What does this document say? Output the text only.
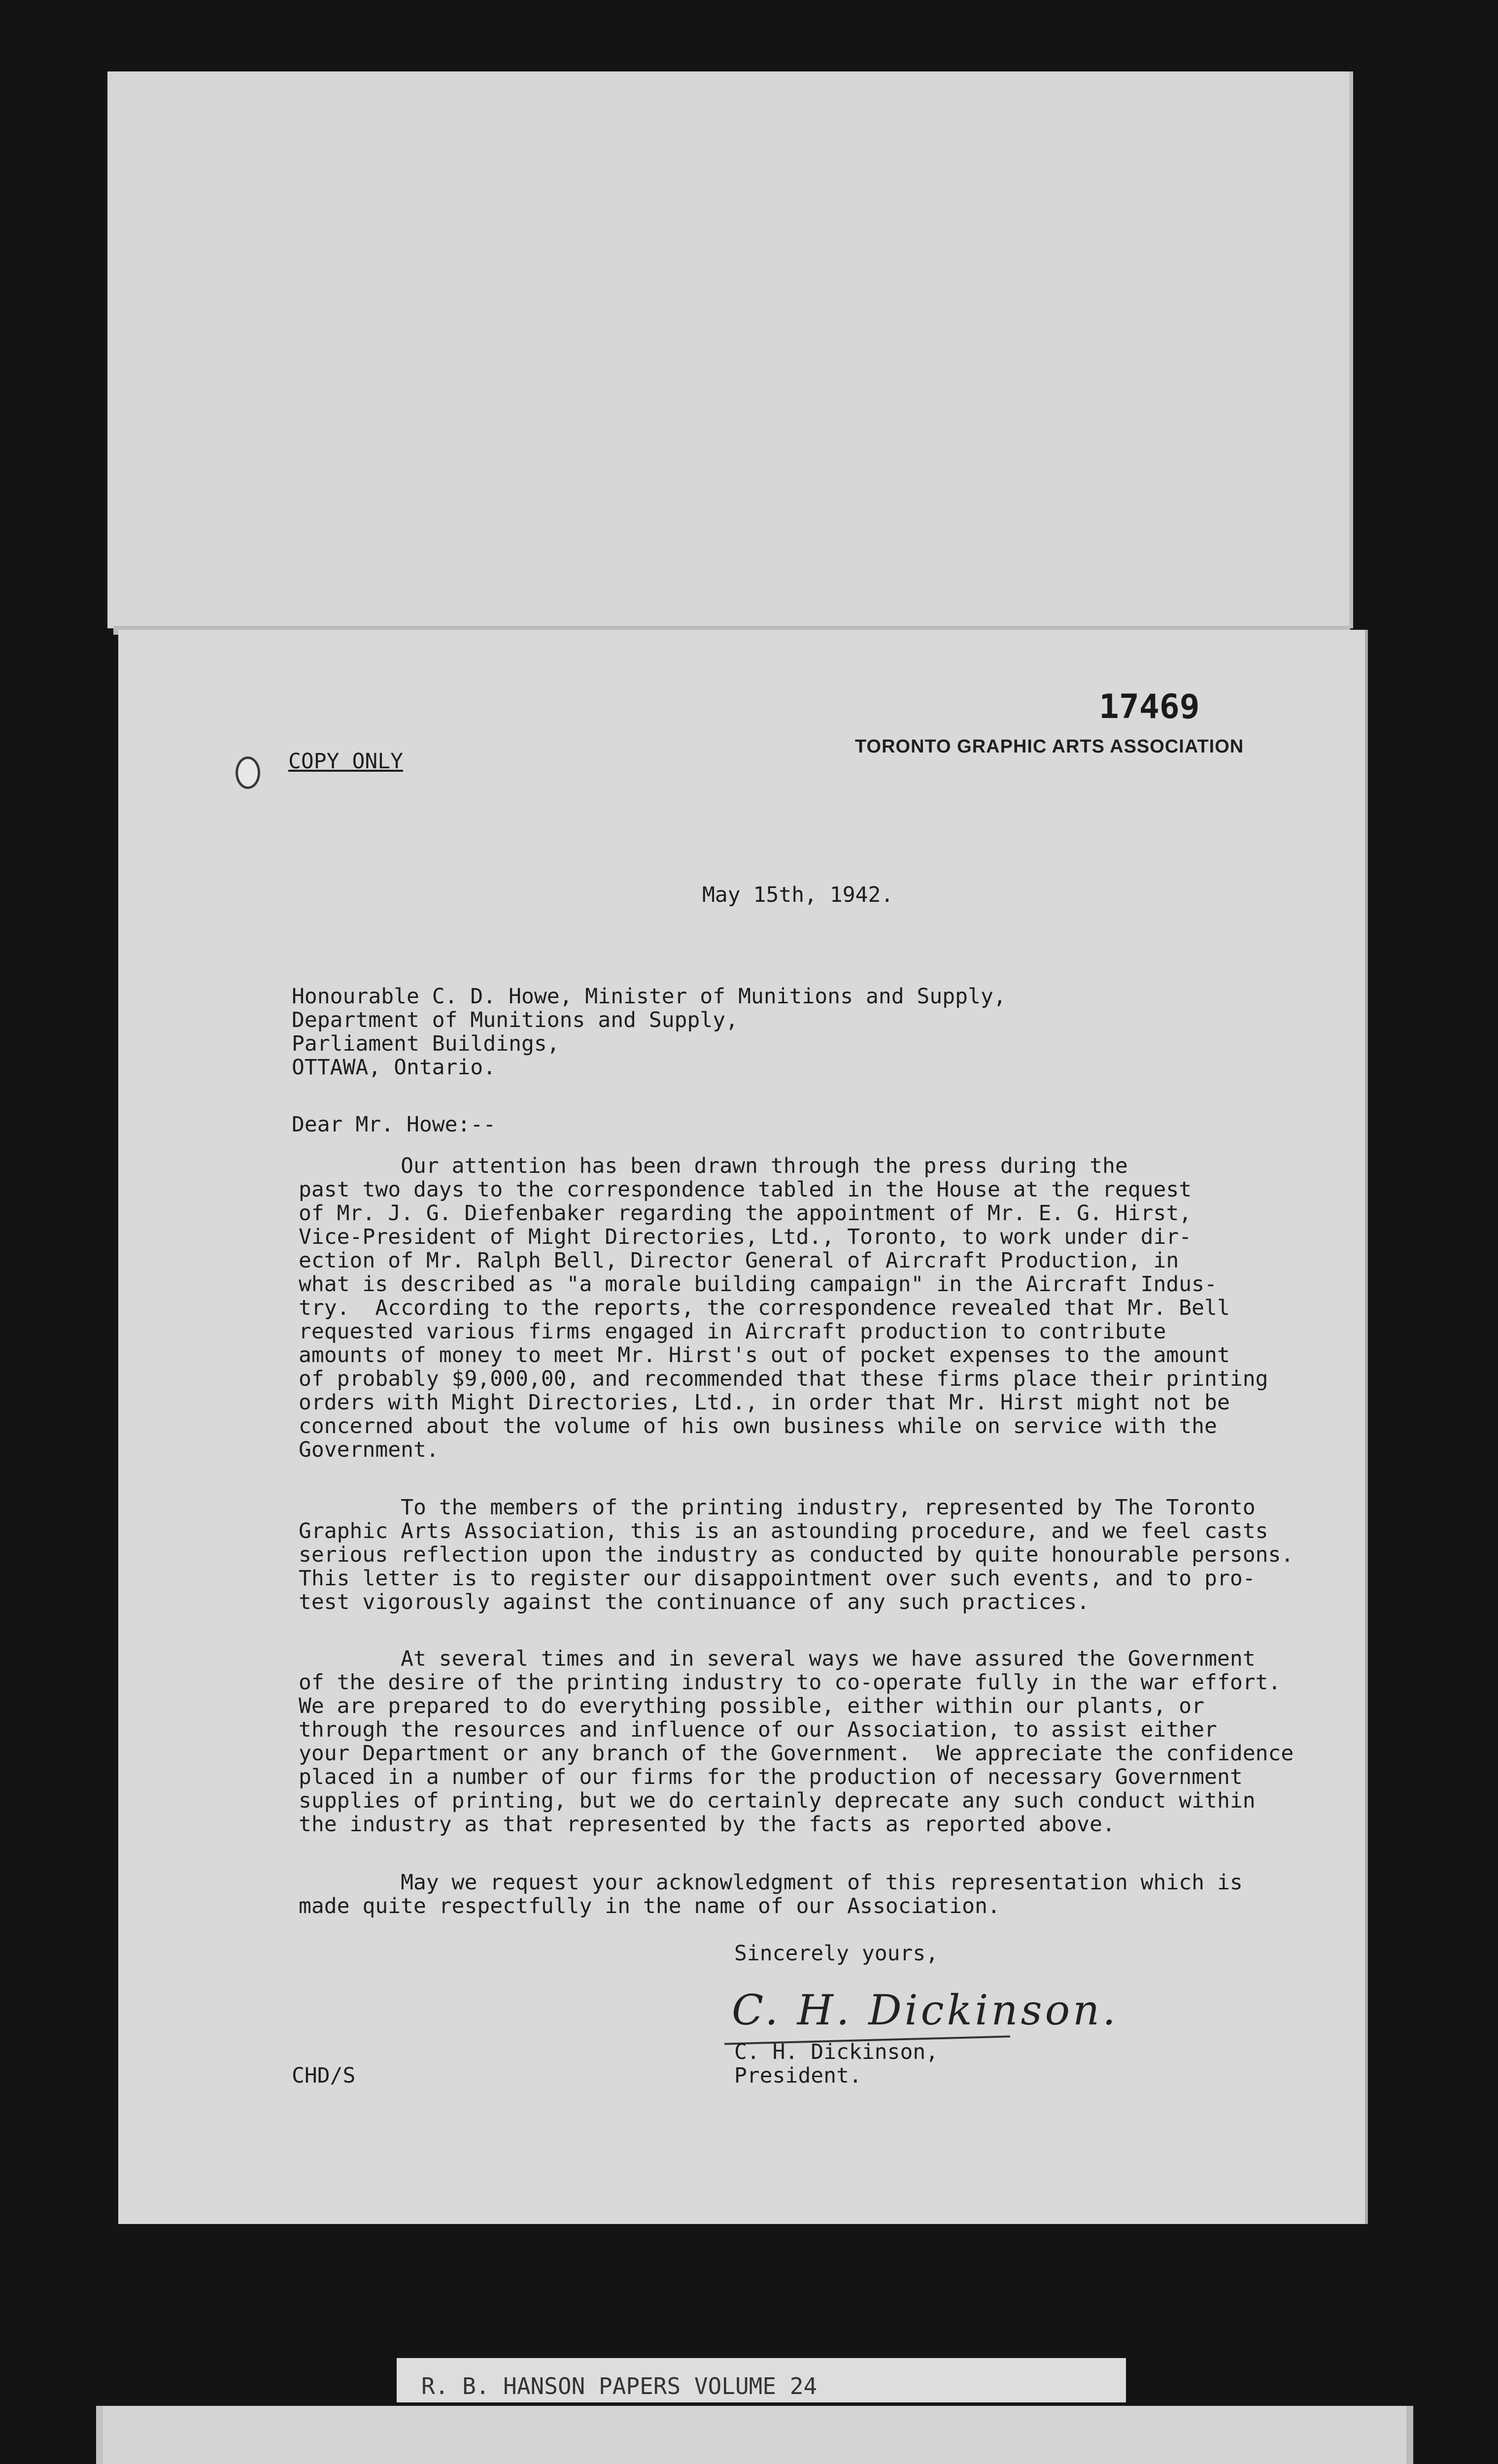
17469
TORONTO GRAPHIC ARTS ASSOCIATION
COPY ONLY

May 15th, 1942.

Honourable C. D. Howe, Minister of Munitions and Supply,

Department of Munitions and Supply,

Parliament Buildings,

OTTAWA, Ontario.

Dear Mr. Howe:--

Our attention has been drawn through the press during the

past two days to the correspondence tabled in the House at the request

of Mr. J. G. Diefenbaker regarding the appointment of Mr. E. G. Hirst,

Vice-President of Might Directories, Ltd., Toronto, to work under dir-

ection of Mr. Ralph Bell, Director General of Aircraft Production, in

what is described as "a morale building campaign" in the Aircraft Indus-

try.  According to the reports, the correspondence revealed that Mr. Bell

requested various firms engaged in Aircraft production to contribute

amounts of money to meet Mr. Hirst's out of pocket expenses to the amount

of probably $9,000,00, and recommended that these firms place their printing

orders with Might Directories, Ltd., in order that Mr. Hirst might not be

concerned about the volume of his own business while on service with the

Government.

To the members of the printing industry, represented by The Toronto

Graphic Arts Association, this is an astounding procedure, and we feel casts

serious reflection upon the industry as conducted by quite honourable persons.

This letter is to register our disappointment over such events, and to pro-

test vigorously against the continuance of any such practices.

At several times and in several ways we have assured the Government

of the desire of the printing industry to co-operate fully in the war effort.

We are prepared to do everything possible, either within our plants, or

through the resources and influence of our Association, to assist either

your Department or any branch of the Government.  We appreciate the confidence

placed in a number of our firms for the production of necessary Government

supplies of printing, but we do certainly deprecate any such conduct within

the industry as that represented by the facts as reported above.

May we request your acknowledgment of this representation which is

made quite respectfully in the name of our Association.

Sincerely yours,

C. H. Dickinson.

C. H. Dickinson,

President.

CHD/S

R. B. HANSON PAPERS VOLUME 24
